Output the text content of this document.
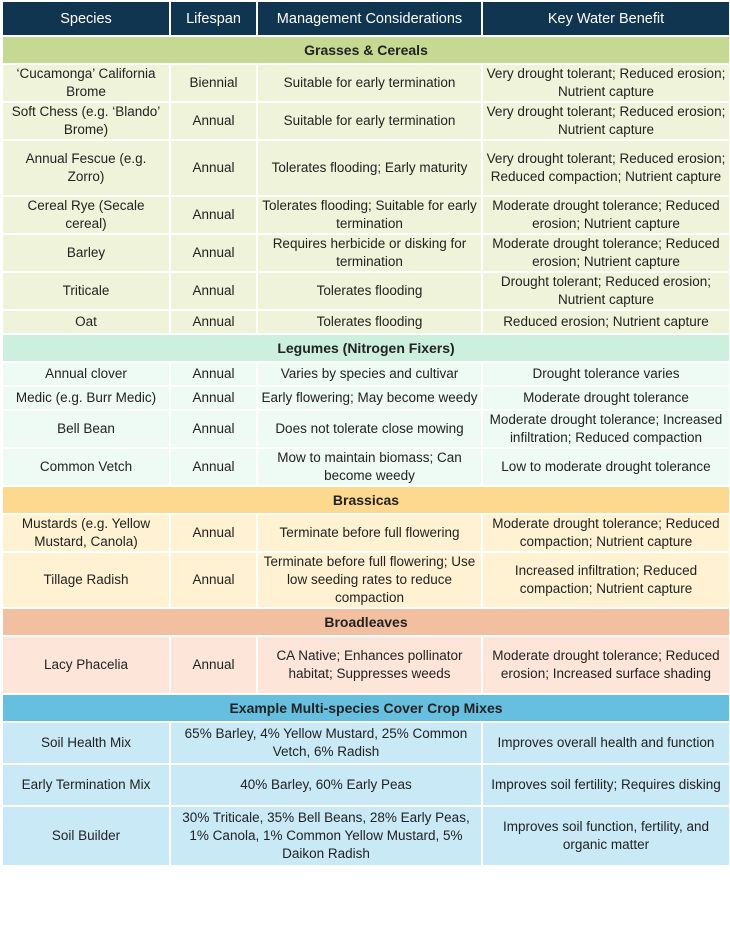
Species	Lifespan	Management Considerations	Key Water Benefit
Grasses & Cereals			
‘Cucamonga’ California Brome	Biennial	Suitable for early termination	Very drought tolerant; Reduced erosion; Nutrient capture
Soft Chess (e.g. ‘Blando’ Brome)	Annual	Suitable for early termination	Very drought tolerant; Reduced erosion; Nutrient capture
Annual Fescue (e.g. Zorro)	Annual	Tolerates flooding; Early maturity	Very drought tolerant; Reduced erosion; Reduced compaction; Nutrient capture
Cereal Rye (Secale cereal)	Annual	Tolerates flooding; Suitable for early termination	Moderate drought tolerance; Reduced erosion; Nutrient capture
Barley	Annual	Requires herbicide or disking for termination	Moderate drought tolerance; Reduced erosion; Nutrient capture
Triticale	Annual	Tolerates flooding	Drought tolerant; Reduced erosion; Nutrient capture
Oat	Annual	Tolerates flooding	Reduced erosion; Nutrient capture
Legumes (Nitrogen Fixers)			
Annual clover	Annual	Varies by species and cultivar	Drought tolerance varies
Medic (e.g. Burr Medic)	Annual	Early flowering; May become weedy	Moderate drought tolerance
Bell Bean	Annual	Does not tolerate close mowing	Moderate drought tolerance; Increased infiltration; Reduced compaction
Common Vetch	Annual	Mow to maintain biomass; Can become weedy	Low to moderate drought tolerance
Brassicas			
Mustards (e.g. Yellow Mustard, Canola)	Annual	Terminate before full flowering	Moderate drought tolerance; Reduced compaction; Nutrient capture
Tillage Radish	Annual	Terminate before full flowering; Use low seeding rates to reduce compaction	Increased infiltration; Reduced compaction; Nutrient capture
Broadleaves			
Lacy Phacelia	Annual	CA Native; Enhances pollinator habitat; Suppresses weeds	Moderate drought tolerance; Reduced erosion; Increased surface shading
Example Multi-species Cover Crop Mixes			
Soil Health Mix	65% Barley, 4% Yellow Mustard, 25% Common Vetch, 6% Radish		Improves overall health and function
Early Termination Mix	40% Barley, 60% Early Peas		Improves soil fertility; Requires disking
Soil Builder	30% Triticale, 35% Bell Beans, 28% Early Peas, 1% Canola, 1% Common Yellow Mustard, 5% Daikon Radish		Improves soil function, fertility, and organic matter
